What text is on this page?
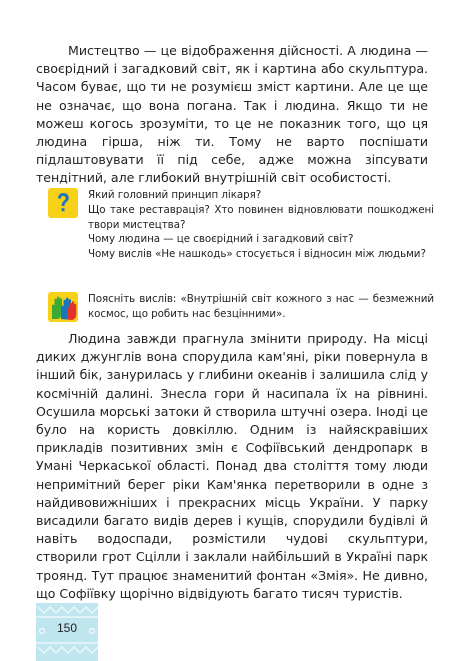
Мистецтво — це відображення дійсності. А людина — своєрідний і загадковий світ, як і картина або скульптура. Часом буває, що ти не розумієш зміст картини. Але це ще не означає, що вона погана. Так і людина. Якщо ти не можеш когось зрозуміти, то це не показник того, що ця людина гірша, ніж ти. Тому не варто поспішати підлаштовувати її під себе, адже можна зіпсувати тендітний, але глибокий внутрішній світ особистості.

Який головний принцип лікаря?
Що таке реставрація? Хто повинен відновлювати пошкоджені твори мистецтва?
Чому людина — це своєрідний і загадковий світ?
Чому вислів «Не нашкодь» стосується і відносин між людьми?

Поясніть вислів: «Внутрішній світ кожного з нас — безмежний космос, що робить нас безцінними».

Людина завжди прагнула змінити природу. На місці диких джунглів вона спорудила кам'яні, ріки повернула в інший бік, занурилась у глибини океанів і залишила слід у космічній далині. Знесла гори й насипала їх на рівнині. Осушила морські затоки й створила штучні озера. Іноді це було на користь довкіллю. Одним із найяскравіших прикладів позитивних змін є Софіївський дендропарк в Умані Черкаської області. Понад два століття тому люди непримітний берег ріки Кам'янка перетворили в одне з найдивовижніших і прекрасних місць України. У парку висадили багато видів дерев і кущів, спорудили будівлі й навіть водоспади, розмістили чудові скульптури, створили грот Сцілли і заклали найбільший в Україні парк троянд. Тут працює знаменитий фонтан «Змія». Не дивно, що Софіївку щорічно відвідують багато тисяч туристів.

150
